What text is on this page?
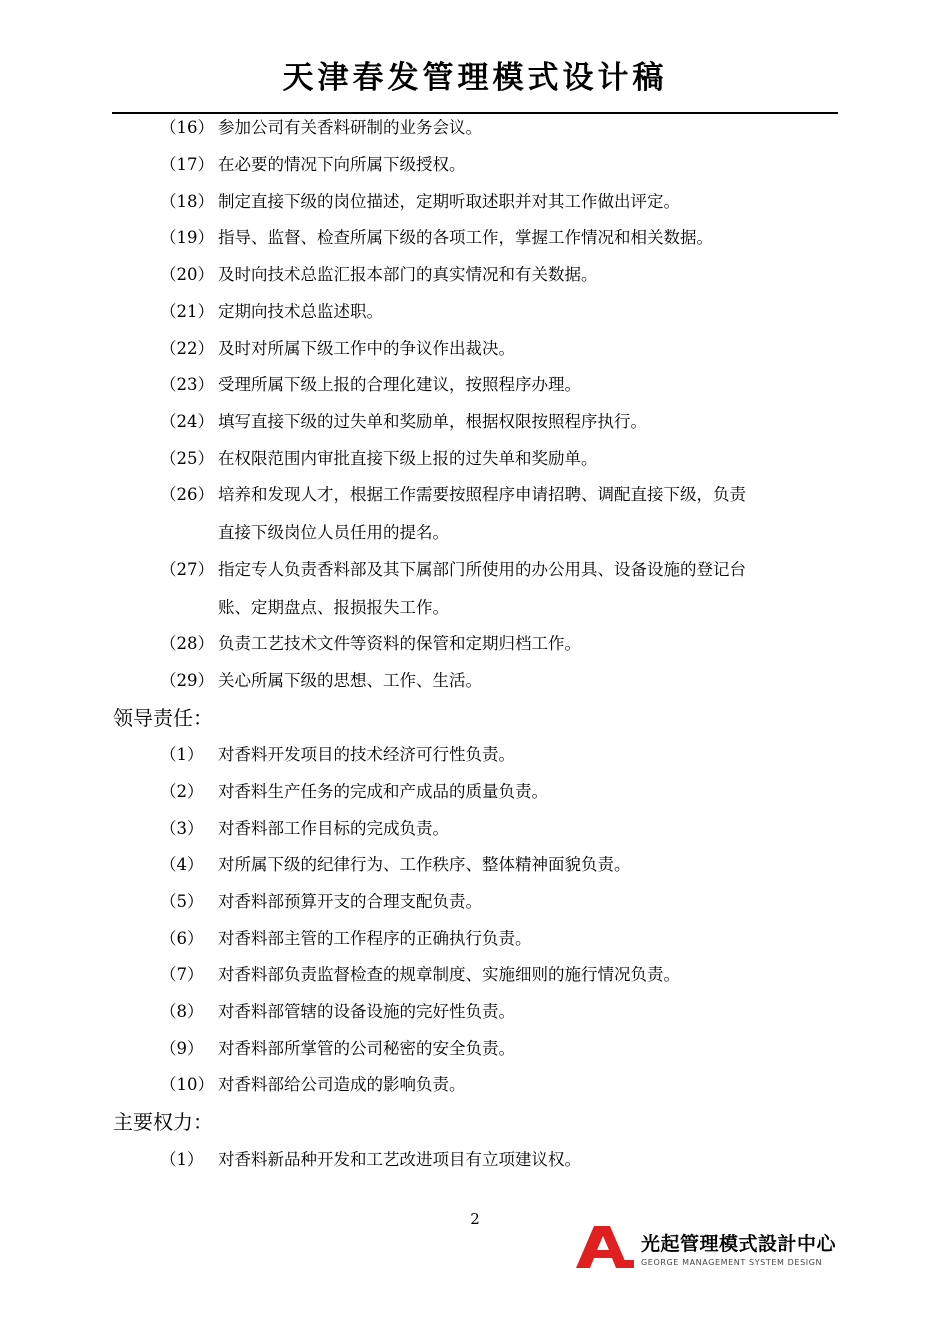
天津春发管理模式设计稿
（16） 参加公司有关香料研制的业务会议。
（17） 在必要的情况下向所属下级授权。
（18） 制定直接下级的岗位描述，定期听取述职并对其工作做出评定。
（19） 指导、监督、检查所属下级的各项工作，掌握工作情况和相关数据。
（20） 及时向技术总监汇报本部门的真实情况和有关数据。
（21） 定期向技术总监述职。
（22） 及时对所属下级工作中的争议作出裁决。
（23） 受理所属下级上报的合理化建议，按照程序办理。
（24） 填写直接下级的过失单和奖励单，根据权限按照程序执行。
（25） 在权限范围内审批直接下级上报的过失单和奖励单。
（26） 培养和发现人才，根据工作需要按照程序申请招聘、调配直接下级，负责
直接下级岗位人员任用的提名。
（27） 指定专人负责香料部及其下属部门所使用的办公用具、设备设施的登记台
账、定期盘点、报损报失工作。
（28） 负责工艺技术文件等资料的保管和定期归档工作。
（29） 关心所属下级的思想、工作、生活。
领导责任：
（1） 对香料开发项目的技术经济可行性负责。
（2） 对香料生产任务的完成和产成品的质量负责。
（3） 对香料部工作目标的完成负责。
（4） 对所属下级的纪律行为、工作秩序、整体精神面貌负责。
（5） 对香料部预算开支的合理支配负责。
（6） 对香料部主管的工作程序的正确执行负责。
（7） 对香料部负责监督检查的规章制度、实施细则的施行情况负责。
（8） 对香料部管辖的设备设施的完好性负责。
（9） 对香料部所掌管的公司秘密的安全负责。
（10） 对香料部给公司造成的影响负责。
主要权力：
（1） 对香料新品种开发和工艺改进项目有立项建议权。
2
光起管理模式設計中心
GEORGE MANAGEMENT SYSTEM DESIGN
